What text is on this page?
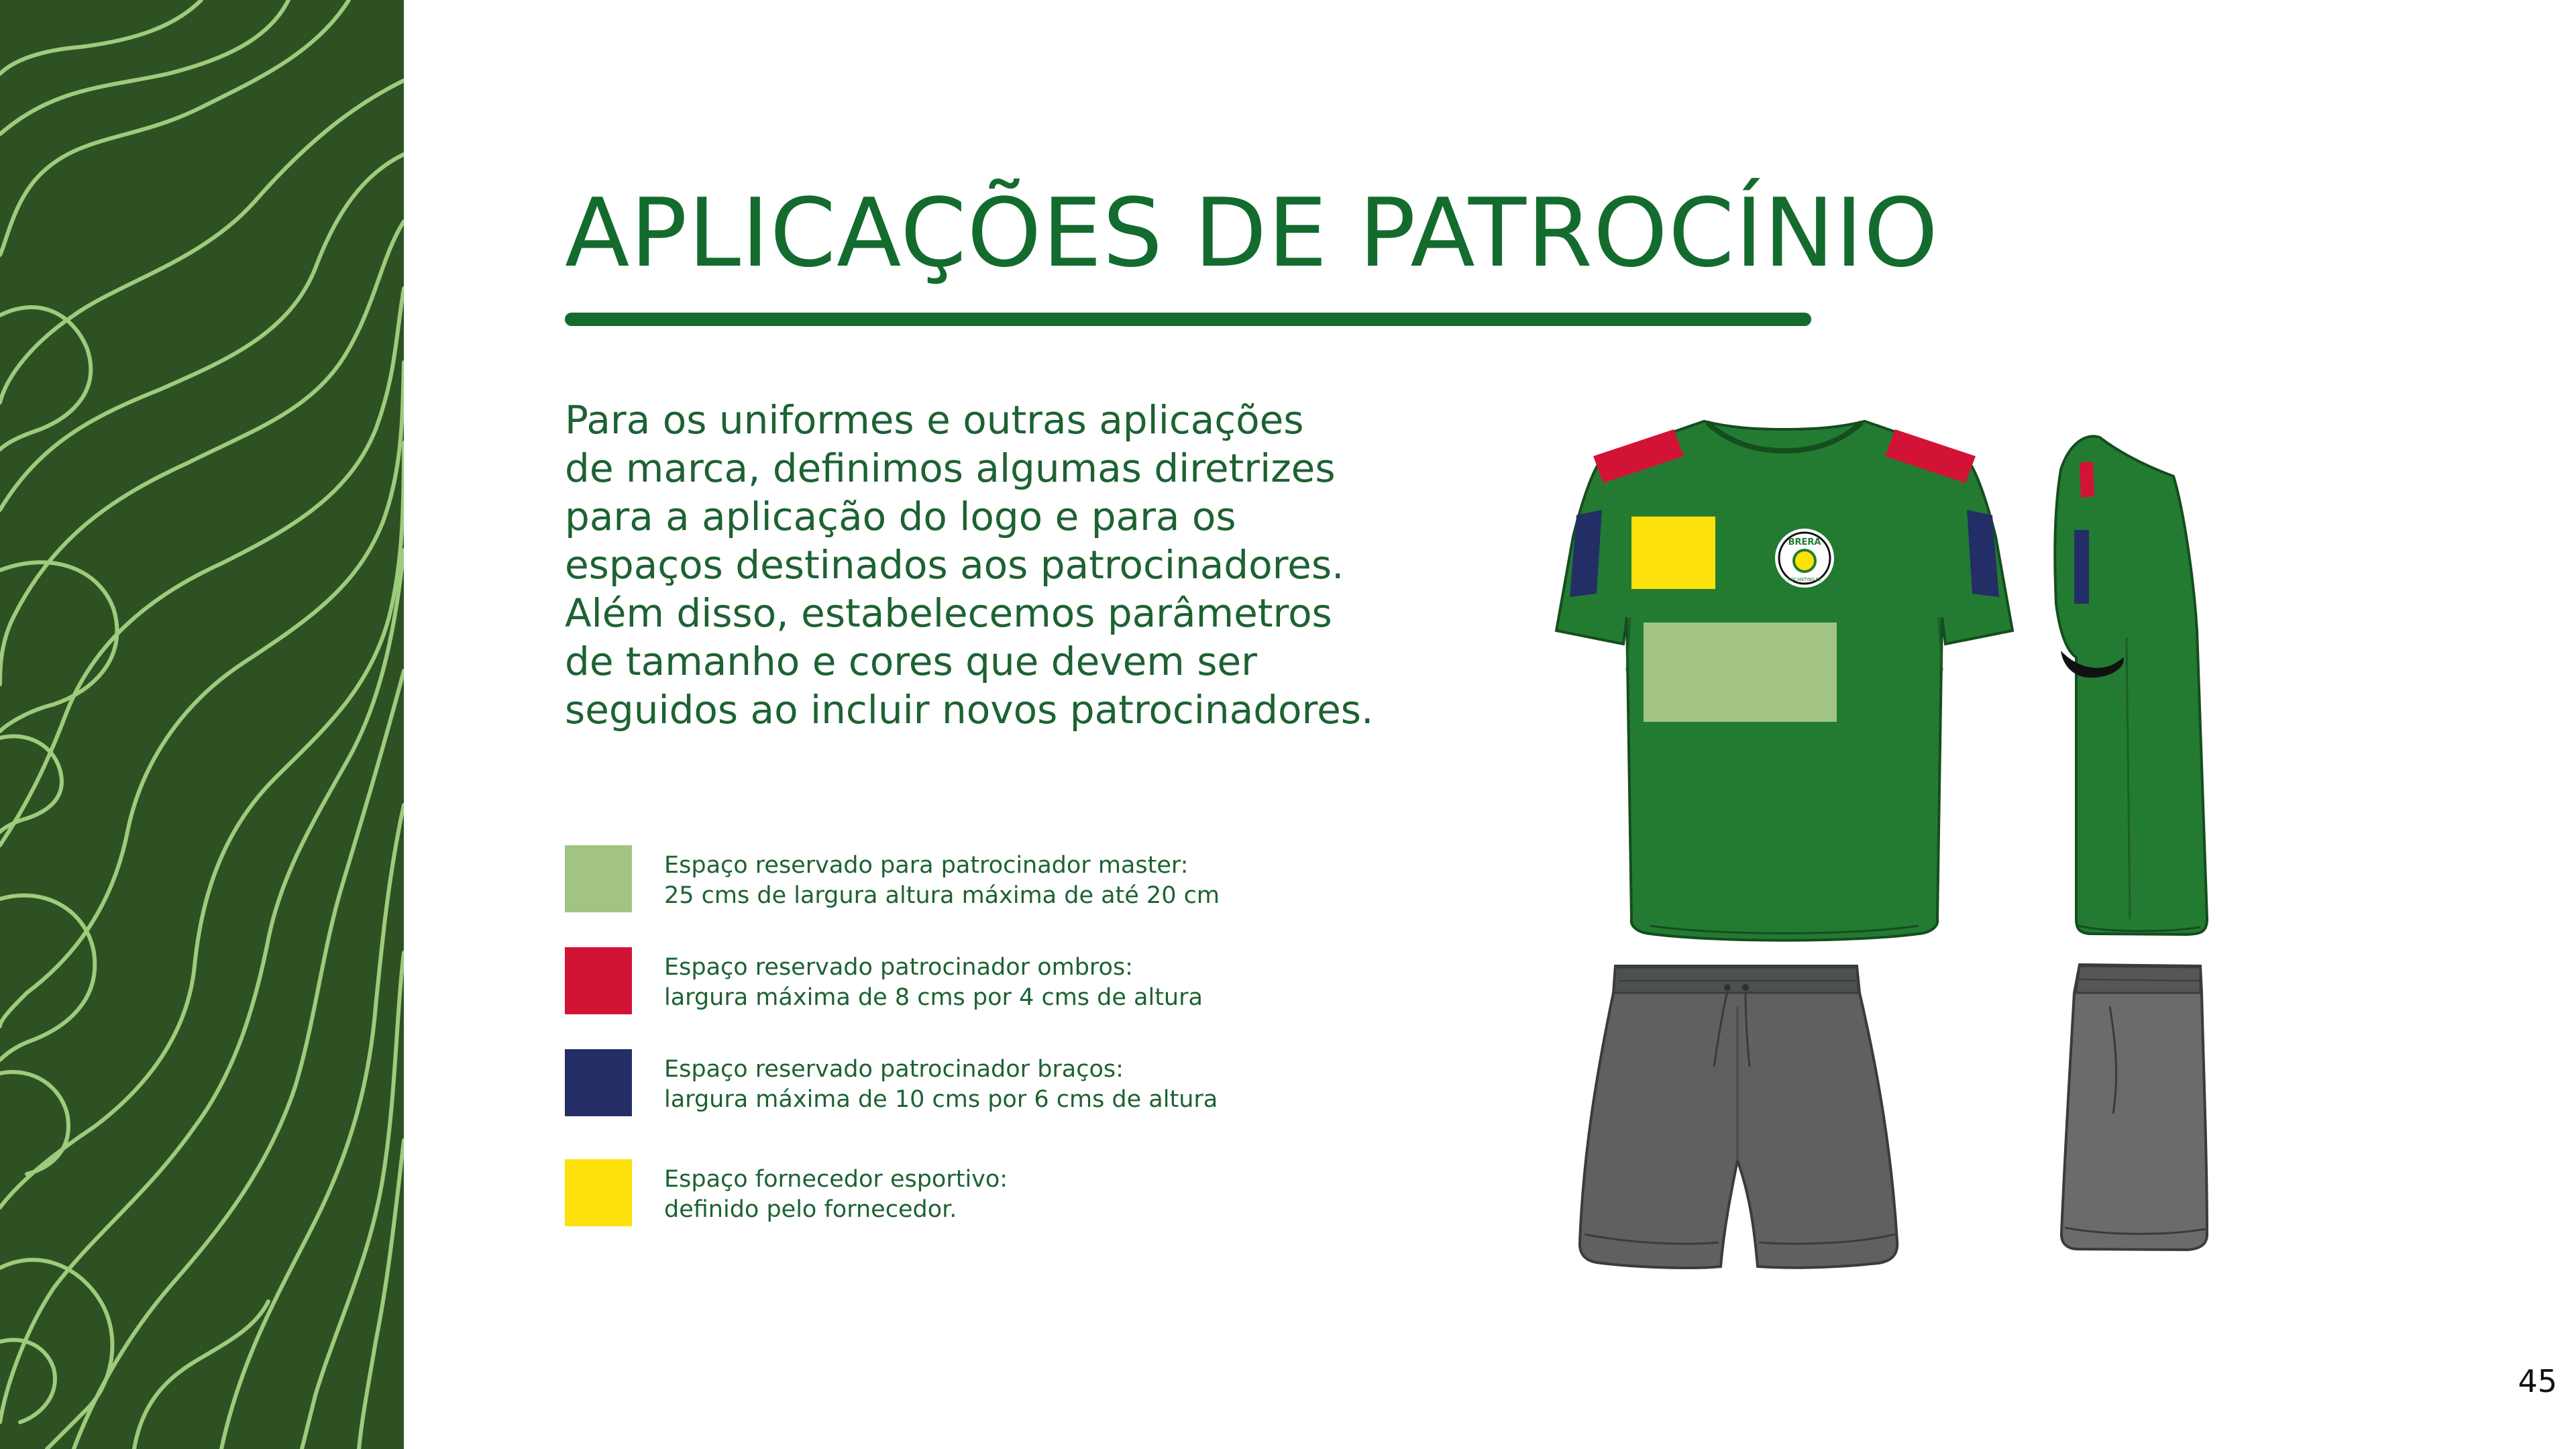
APLICAÇÕES DE PATROCÍNIO

Para os uniformes e outras aplicações
de marca, definimos algumas diretrizes
para a aplicação do logo e para os
espaços destinados aos patrocinadores.
Além disso, estabelecemos parâmetros
de tamanho e cores que devem ser
seguidos ao incluir novos patrocinadores.

Espaço reservado para patrocinador master:
25 cms de largura altura máxima de até 20 cm
Espaço reservado patrocinador ombros:
largura máxima de 8 cms por 4 cms de altura
Espaço reservado patrocinador braços:
largura máxima de 10 cms por 6 cms de altura
Espaço fornecedor esportivo:
definido pelo fornecedor.
BRERA
TOCANTINS FC
45
